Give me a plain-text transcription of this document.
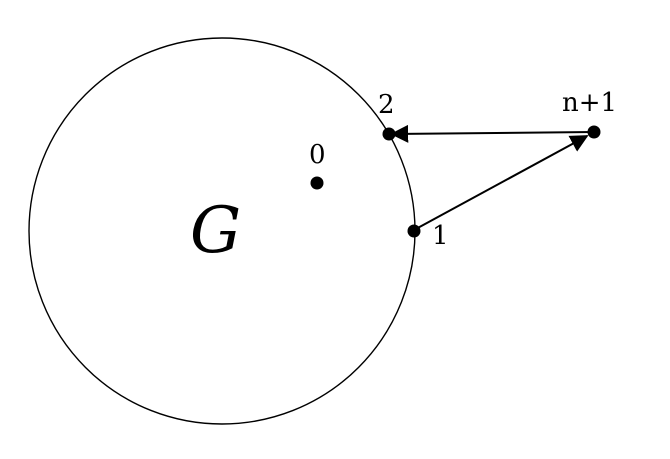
G
0
1
2	n+1
